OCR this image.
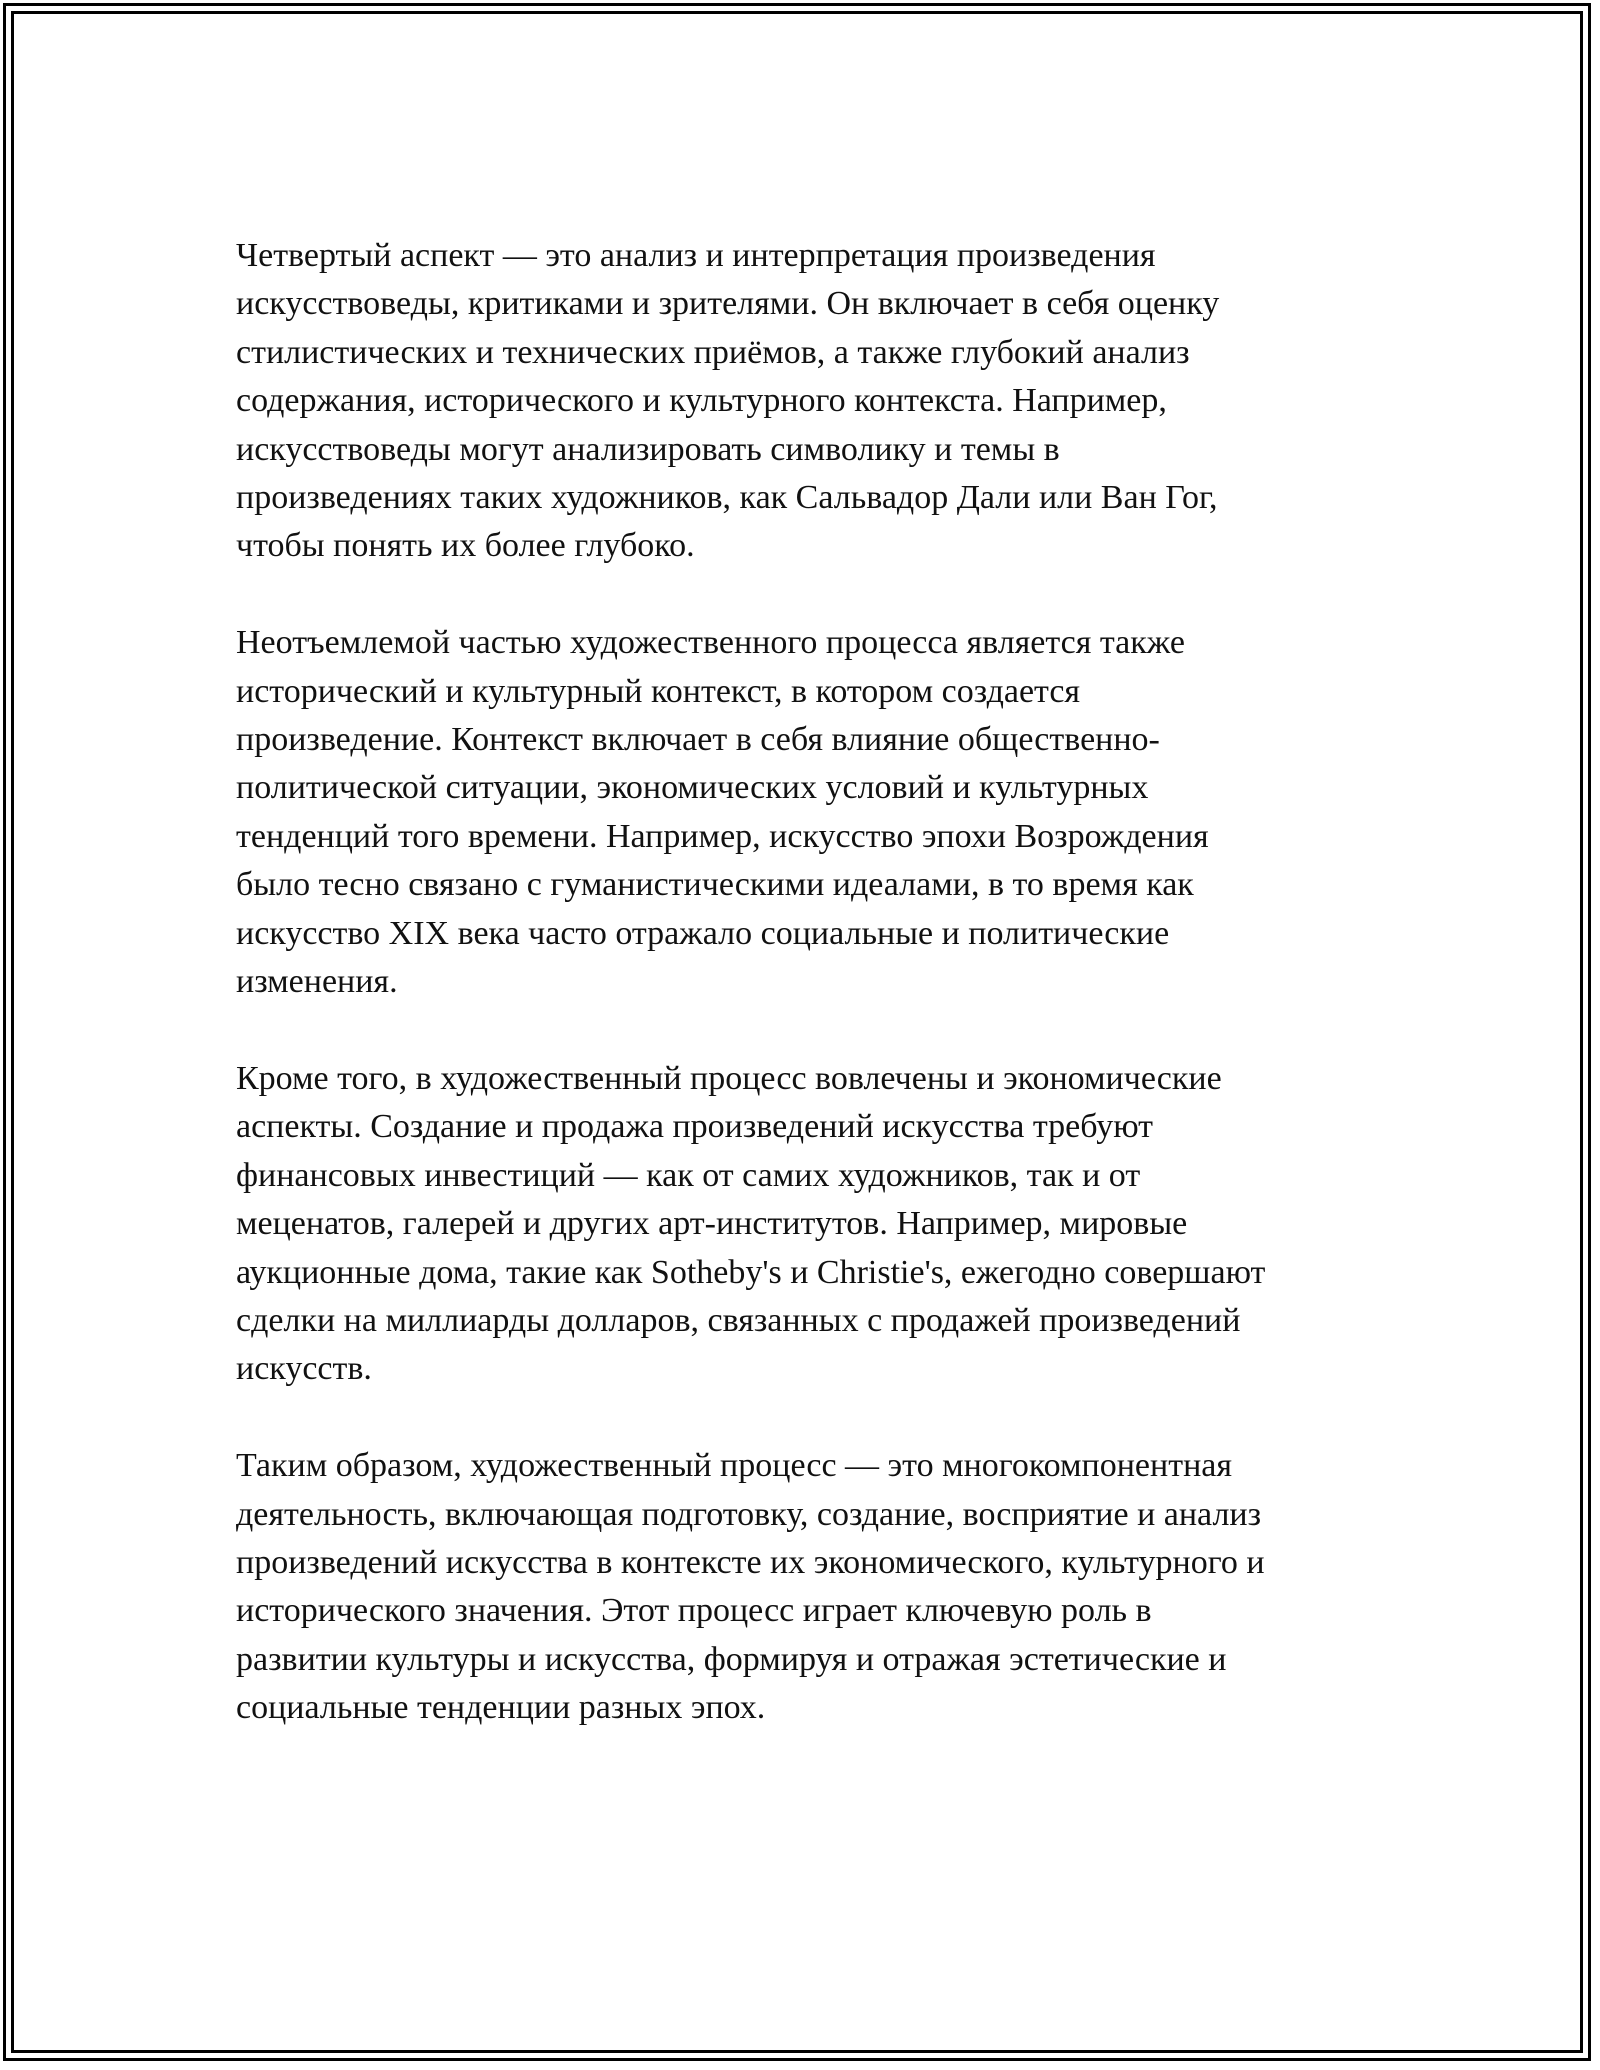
Четвертый аспект — это анализ и интерпретация произведения
искусствоведы, критиками и зрителями. Он включает в себя оценку
стилистических и технических приёмов, а также глубокий анализ
содержания, исторического и культурного контекста. Например,
искусствоведы могут анализировать символику и темы в
произведениях таких художников, как Сальвадор Дали или Ван Гог,
чтобы понять их более глубоко.

Неотъемлемой частью художественного процесса является также
исторический и культурный контекст, в котором создается
произведение. Контекст включает в себя влияние общественно-
политической ситуации, экономических условий и культурных
тенденций того времени. Например, искусство эпохи Возрождения
было тесно связано с гуманистическими идеалами, в то время как
искусство XIX века часто отражало социальные и политические
изменения.

Кроме того, в художественный процесс вовлечены и экономические
аспекты. Создание и продажа произведений искусства требуют
финансовых инвестиций — как от самих художников, так и от
меценатов, галерей и других арт-институтов. Например, мировые
аукционные дома, такие как Sotheby's и Christie's, ежегодно совершают
сделки на миллиарды долларов, связанных с продажей произведений
искусств.

Таким образом, художественный процесс — это многокомпонентная
деятельность, включающая подготовку, создание, восприятие и анализ
произведений искусства в контексте их экономического, культурного и
исторического значения. Этот процесс играет ключевую роль в
развитии культуры и искусства, формируя и отражая эстетические и
социальные тенденции разных эпох.
